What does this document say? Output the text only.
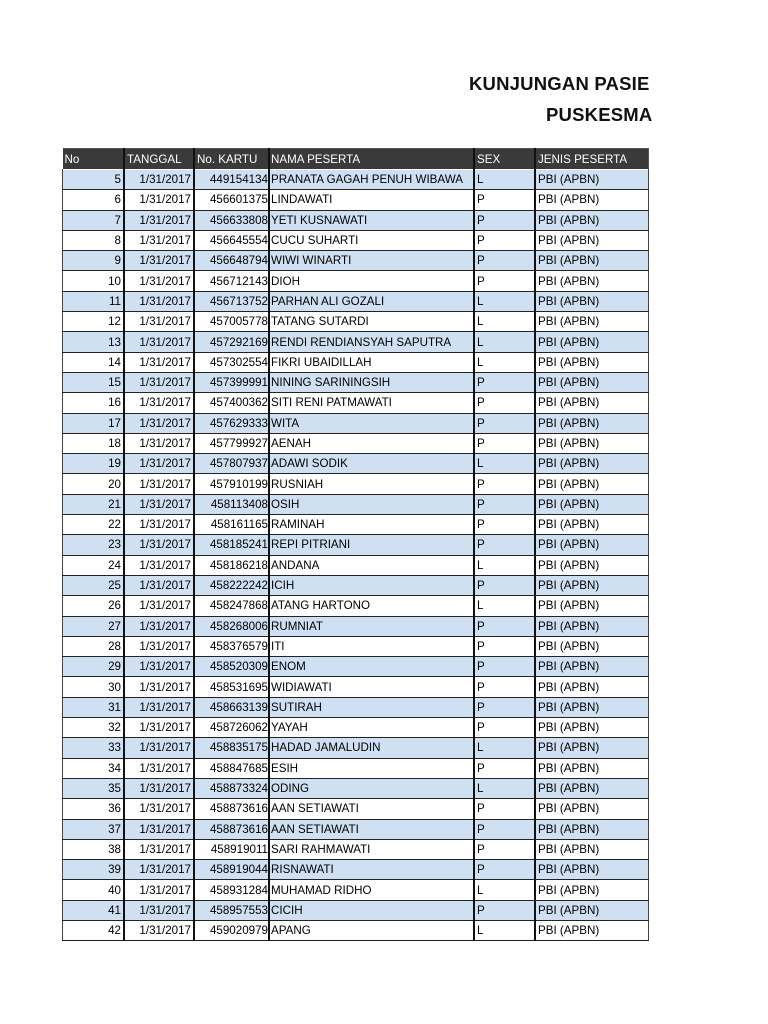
KUNJUNGAN PASIE
PUSKESMA
No	TANGGAL	No. KARTU	NAMA PESERTA	SEX	JENIS PESERTA
5	1/31/2017	449154134	PRANATA GAGAH PENUH WIBAWA	L	PBI (APBN)
6	1/31/2017	456601375	LINDAWATI	P	PBI (APBN)
7	1/31/2017	456633808	YETI KUSNAWATI	P	PBI (APBN)
8	1/31/2017	456645554	CUCU SUHARTI	P	PBI (APBN)
9	1/31/2017	456648794	WIWI WINARTI	P	PBI (APBN)
10	1/31/2017	456712143	DIOH	P	PBI (APBN)
11	1/31/2017	456713752	PARHAN ALI GOZALI	L	PBI (APBN)
12	1/31/2017	457005778	TATANG SUTARDI	L	PBI (APBN)
13	1/31/2017	457292169	RENDI RENDIANSYAH SAPUTRA	L	PBI (APBN)
14	1/31/2017	457302554	FIKRI UBAIDILLAH	L	PBI (APBN)
15	1/31/2017	457399991	NINING SARININGSIH	P	PBI (APBN)
16	1/31/2017	457400362	SITI RENI PATMAWATI	P	PBI (APBN)
17	1/31/2017	457629333	WITA	P	PBI (APBN)
18	1/31/2017	457799927	AENAH	P	PBI (APBN)
19	1/31/2017	457807937	ADAWI SODIK	L	PBI (APBN)
20	1/31/2017	457910199	RUSNIAH	P	PBI (APBN)
21	1/31/2017	458113408	OSIH	P	PBI (APBN)
22	1/31/2017	458161165	RAMINAH	P	PBI (APBN)
23	1/31/2017	458185241	REPI PITRIANI	P	PBI (APBN)
24	1/31/2017	458186218	ANDANA	L	PBI (APBN)
25	1/31/2017	458222242	ICIH	P	PBI (APBN)
26	1/31/2017	458247868	ATANG HARTONO	L	PBI (APBN)
27	1/31/2017	458268006	RUMNIAT	P	PBI (APBN)
28	1/31/2017	458376579	ITI	P	PBI (APBN)
29	1/31/2017	458520309	ENOM	P	PBI (APBN)
30	1/31/2017	458531695	WIDIAWATI	P	PBI (APBN)
31	1/31/2017	458663139	SUTIRAH	P	PBI (APBN)
32	1/31/2017	458726062	YAYAH	P	PBI (APBN)
33	1/31/2017	458835175	HADAD JAMALUDIN	L	PBI (APBN)
34	1/31/2017	458847685	ESIH	P	PBI (APBN)
35	1/31/2017	458873324	ODING	L	PBI (APBN)
36	1/31/2017	458873616	AAN SETIAWATI	P	PBI (APBN)
37	1/31/2017	458873616	AAN SETIAWATI	P	PBI (APBN)
38	1/31/2017	458919011	SARI RAHMAWATI	P	PBI (APBN)
39	1/31/2017	458919044	RISNAWATI	P	PBI (APBN)
40	1/31/2017	458931284	MUHAMAD RIDHO	L	PBI (APBN)
41	1/31/2017	458957553	CICIH	P	PBI (APBN)
42	1/31/2017	459020979	APANG	L	PBI (APBN)
